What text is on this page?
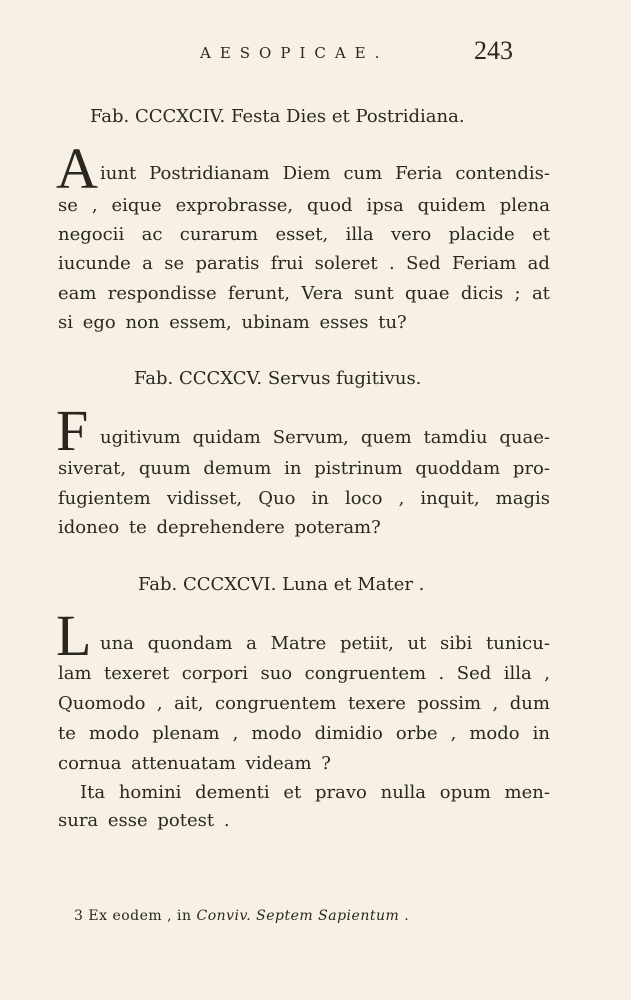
AESOPICAE.	243
Fab. CCCXCIV. Festa Dies et Postridiana.
A iunt Postridianam Diem cum Feria contendis-
se , eique exprobrasse, quod ipsa quidem plena
negocii ac curarum esset, illa vero placide et
iucunde a se paratis frui soleret . Sed Feriam ad
eam respondisse ferunt, Vera sunt quae dicis ; at
si ego non essem, ubinam esses tu?
Fab. CCCXCV. Servus fugitivus.
F ugitivum quidam Servum, quem tamdiu quae-
siverat, quum demum in pistrinum quoddam pro-
fugientem vidisset, Quo in loco , inquit, magis
idoneo te deprehendere poteram?
Fab. CCCXCVI. Luna et Mater .
L una quondam a Matre petiit, ut sibi tunicu-
lam texeret corpori suo congruentem . Sed illa ,
Quomodo , ait, congruentem texere possim , dum
te modo plenam , modo dimidio orbe , modo in
cornua attenuatam videam ?
Ita homini dementi et pravo nulla opum men-
sura esse potest .
3 Ex eodem , in Conviv. Septem Sapientum .
